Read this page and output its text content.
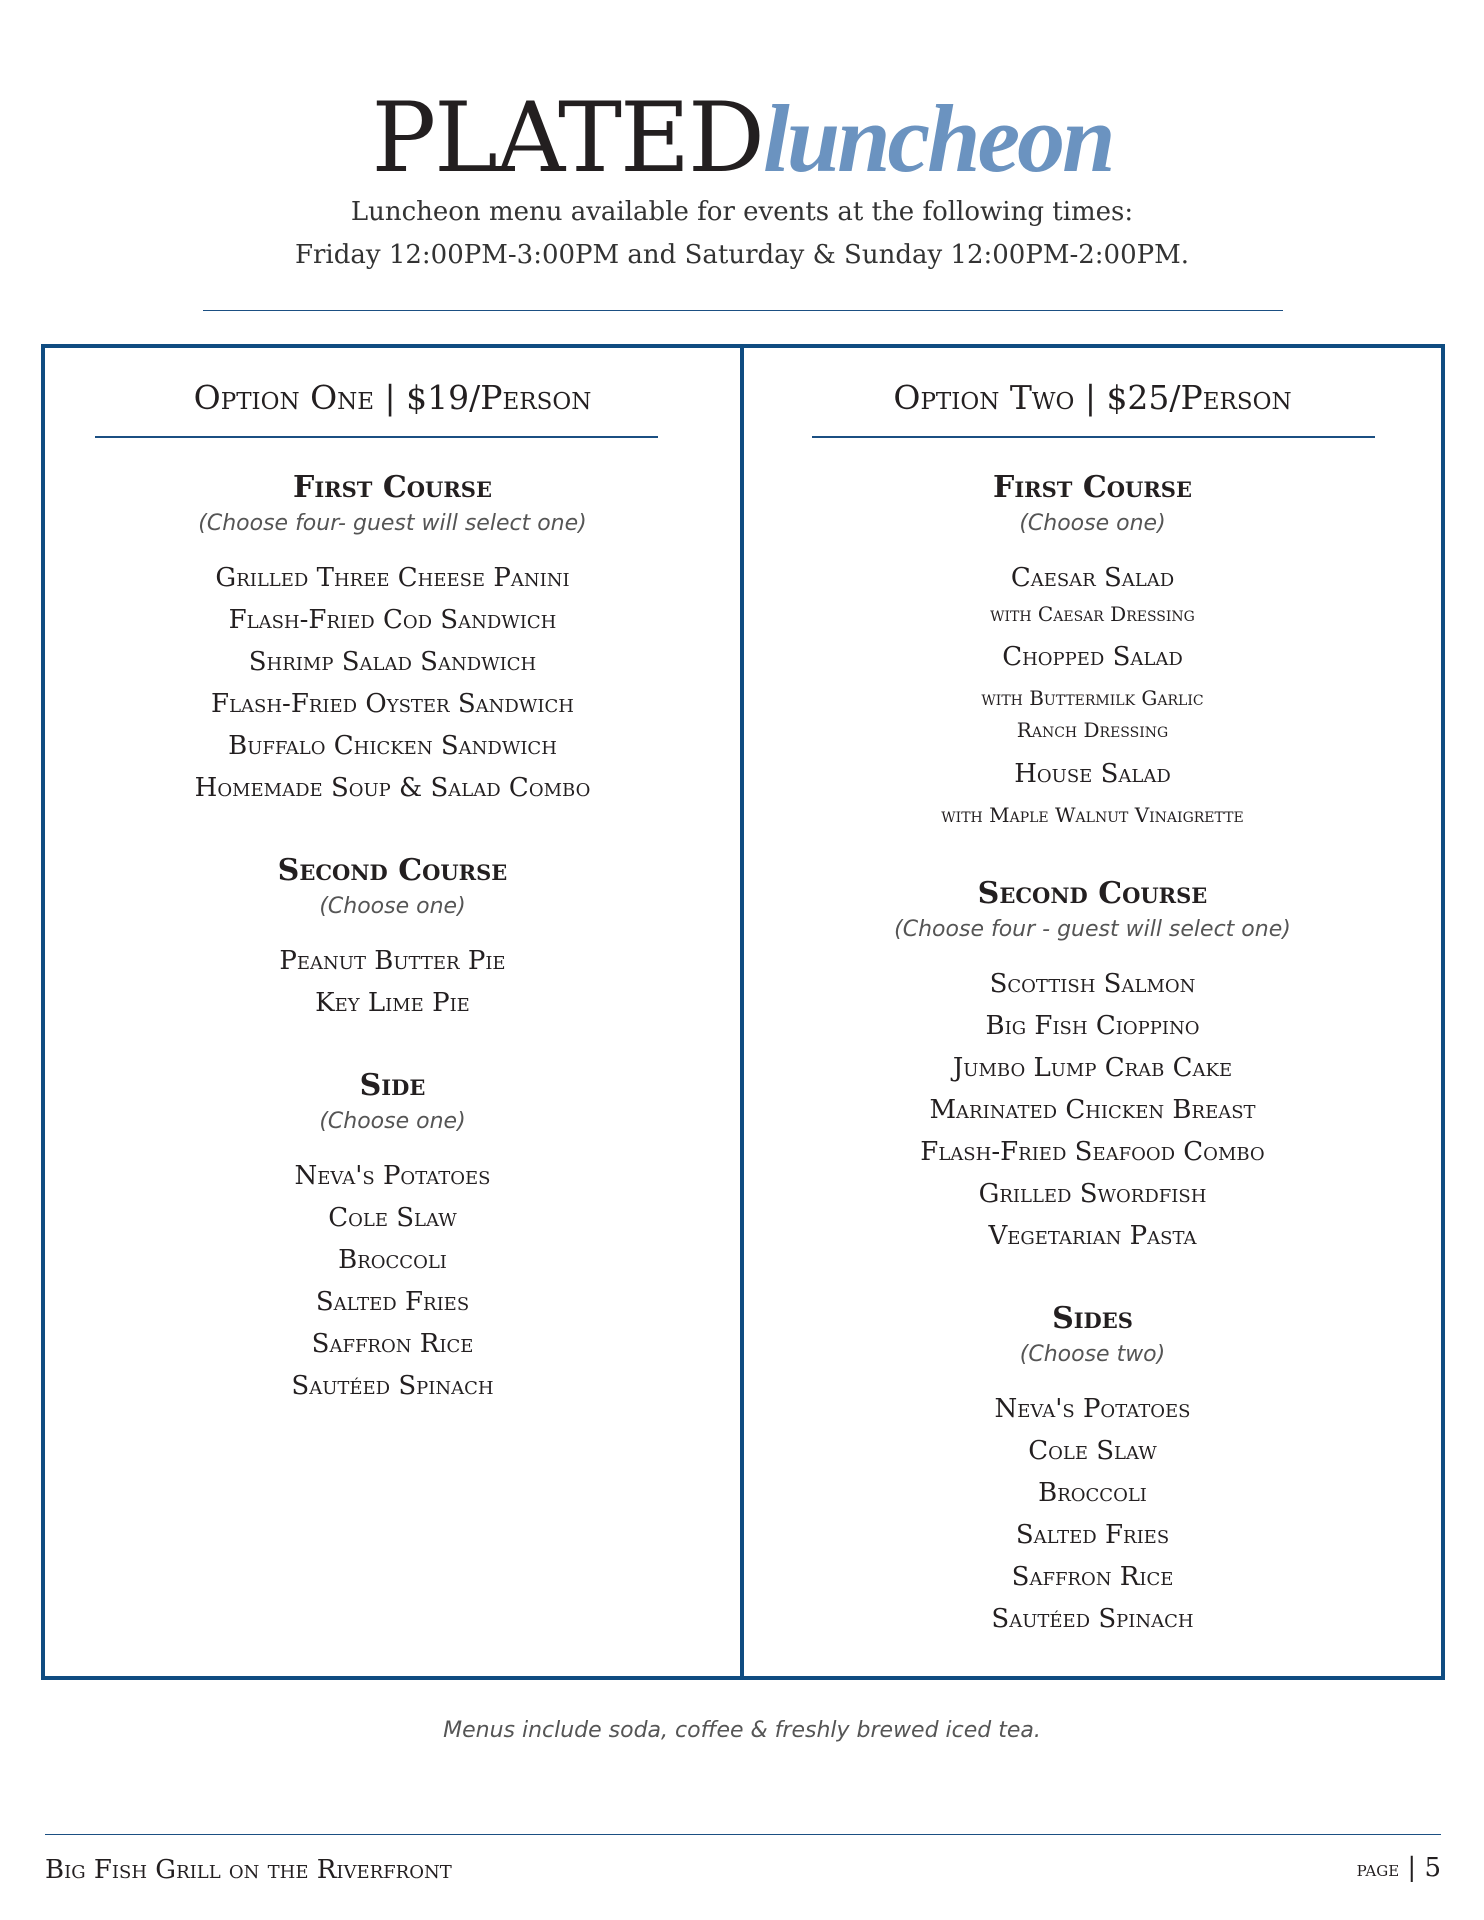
PLATEDluncheon
Luncheon menu available for events at the following times:
Friday 12:00PM-3:00PM and Saturday & Sunday 12:00PM-2:00PM.
Option One | $19/Person
First Course
(Choose four- guest will select one)
Grilled Three Cheese Panini
Flash-Fried Cod Sandwich
Shrimp Salad Sandwich
Flash-Fried Oyster Sandwich
Buffalo Chicken Sandwich
Homemade Soup & Salad Combo
Second Course
(Choose one)
Peanut Butter Pie
Key Lime Pie
Side
(Choose one)
Neva's Potatoes
Cole Slaw
Broccoli
Salted Fries
Saffron Rice
Sautéed Spinach
Option Two | $25/Person
First Course
(Choose one)
Caesar Salad
with Caesar Dressing
Chopped Salad
with Buttermilk Garlic
Ranch Dressing
House Salad
with Maple Walnut Vinaigrette
Second Course
(Choose four - guest will select one)
Scottish Salmon
Big Fish Cioppino
Jumbo Lump Crab Cake
Marinated Chicken Breast
Flash-Fried Seafood Combo
Grilled Swordfish
Vegetarian Pasta
Sides
(Choose two)
Neva's Potatoes
Cole Slaw
Broccoli
Salted Fries
Saffron Rice
Sautéed Spinach
Menus include soda, coffee & freshly brewed iced tea.
Big Fish Grill on the Riverfront	page | 5
